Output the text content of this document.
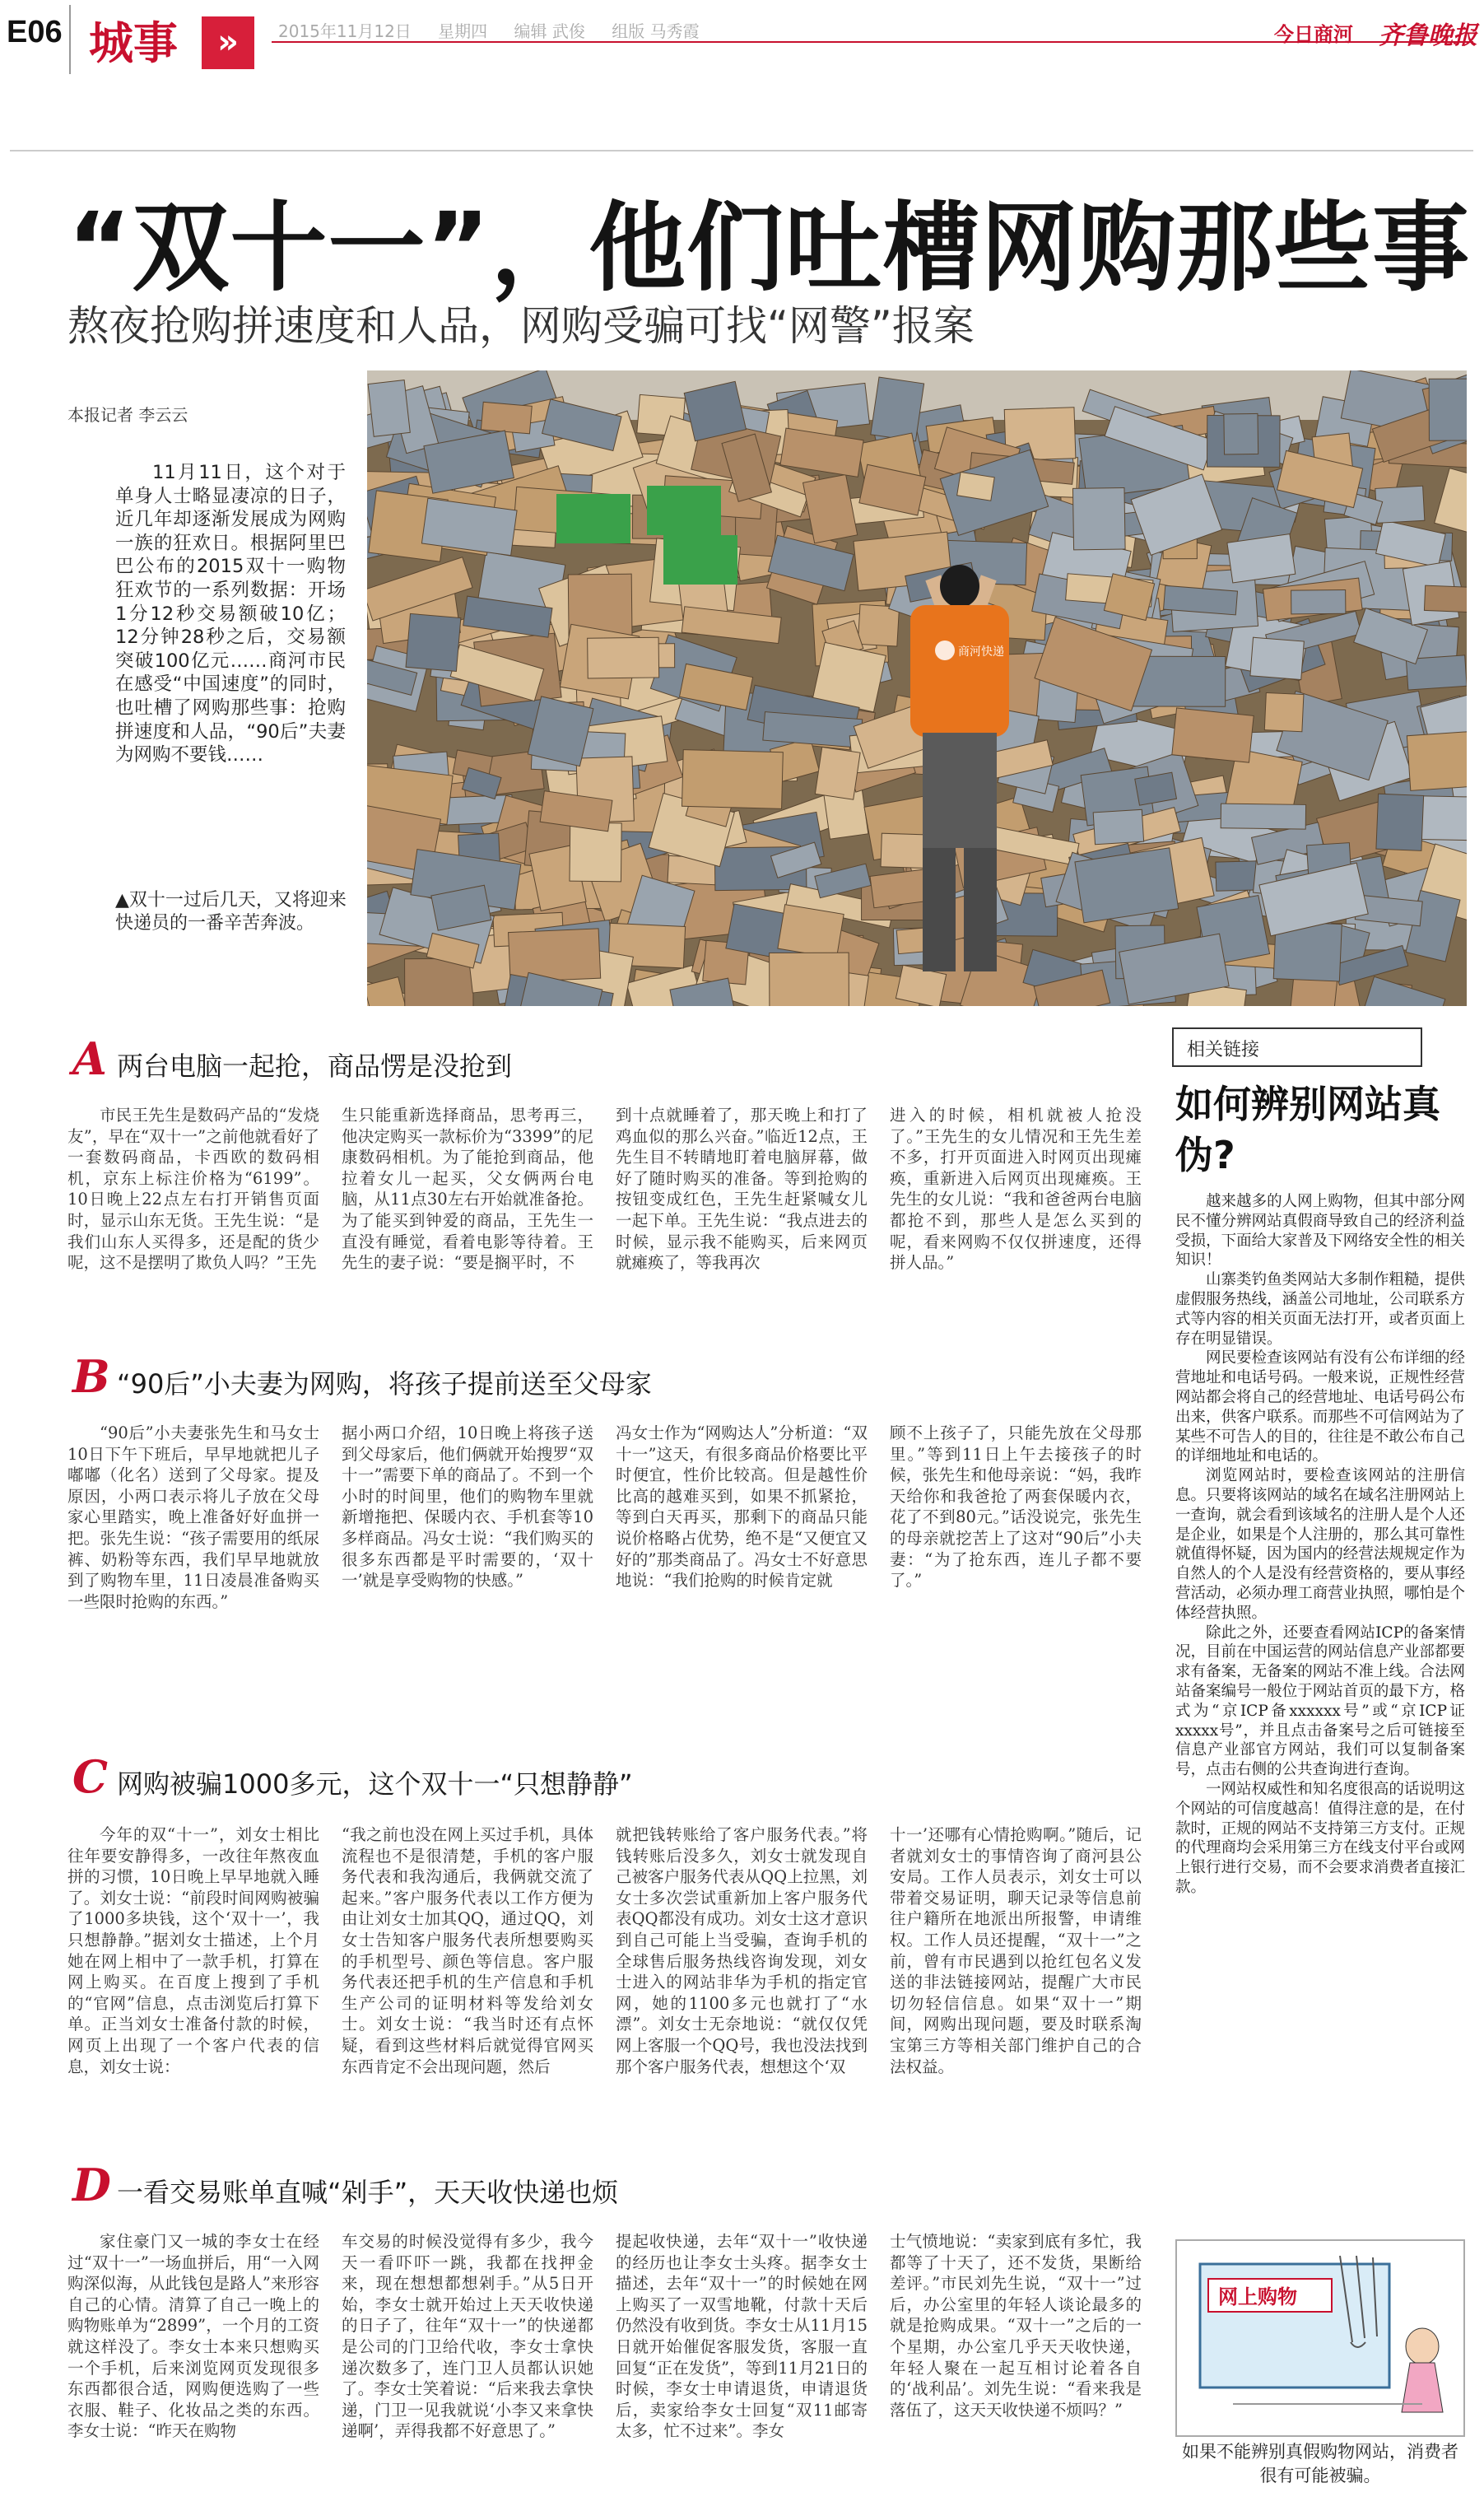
E06 城事	»	2015年11月12日 星期四 编辑 武俊 组版 马秀霞	今日商河 齐鲁晚报
“双十一”，他们吐槽网购那些事
熬夜抢购拼速度和人品，网购受骗可找“网警”报案
本报记者 李云云

11月11日，这个对于单身人士略显凄凉的日子，近几年却逐渐发展成为网购一族的狂欢日。根据阿里巴巴公布的2015双十一购物狂欢节的一系列数据：开场1分12秒交易额破10亿；12分钟28秒之后，交易额突破100亿元……商河市民在感受“中国速度”的同时，也吐槽了网购那些事：抢购拼速度和人品，“90后”夫妻为网购不要钱……

▲双十一过后几天，又将迎来快递员的一番辛苦奔波。
商河快递
A 两台电脑一起抢，商品愣是没抢到

市民王先生是数码产品的“发烧友”，早在“双十一”之前他就看好了一套数码商品，卡西欧的数码相机，京东上标注价格为“6199”。10日晚上22点左右打开销售页面时，显示山东无货。王先生说：“是我们山东人买得多，还是配的货少呢，这不是摆明了欺负人吗？”王先

生只能重新选择商品，思考再三，他决定购买一款标价为“3399”的尼康数码相机。为了能抢到商品，他拉着女儿一起买，父女俩两台电脑，从11点30左右开始就准备抢。为了能买到钟爱的商品，王先生一直没有睡觉，看着电影等待着。王先生的妻子说：“要是搁平时，不

到十点就睡着了，那天晚上和打了鸡血似的那么兴奋。”临近12点，王先生目不转睛地盯着电脑屏幕，做好了随时购买的准备。等到抢购的按钮变成红色，王先生赶紧喊女儿一起下单。王先生说：“我点进去的时候，显示我不能购买，后来网页就瘫痪了，等我再次

进入的时候，相机就被人抢没了。”王先生的女儿情况和王先生差不多，打开页面进入时网页出现瘫痪，重新进入后网页出现瘫痪。王先生的女儿说：“我和爸爸两台电脑都抢不到，那些人是怎么买到的呢，看来网购不仅仅拼速度，还得拼人品。”

B “90后”小夫妻为网购，将孩子提前送至父母家

“90后”小夫妻张先生和马女士10日下午下班后，早早地就把儿子嘟嘟（化名）送到了父母家。提及原因，小两口表示将儿子放在父母家心里踏实，晚上准备好好血拼一把。张先生说：“孩子需要用的纸尿裤、奶粉等东西，我们早早地就放到了购物车里，11日凌晨准备购买一些限时抢购的东西。”

据小两口介绍，10日晚上将孩子送到父母家后，他们俩就开始搜罗“双十一”需要下单的商品了。不到一个小时的时间里，他们的购物车里就新增拖把、保暖内衣、手机套等10多样商品。冯女士说：“我们购买的很多东西都是平时需要的，‘双十一’就是享受购物的快感。”

冯女士作为“网购达人”分析道：“双十一”这天，有很多商品价格要比平时便宜，性价比较高。但是越性价比高的越难买到，如果不抓紧抢，等到白天再买，那剩下的商品只能说价格略占优势，绝不是“又便宜又好的”那类商品了。冯女士不好意思地说：“我们抢购的时候肯定就

顾不上孩子了，只能先放在父母那里。”等到11日上午去接孩子的时候，张先生和他母亲说：“妈，我昨天给你和我爸抢了两套保暖内衣，花了不到80元。”话没说完，张先生的母亲就挖苦上了这对“90后”小夫妻：“为了抢东西，连儿子都不要了。”

C 网购被骗1000多元，这个双十一“只想静静”

今年的双“十一”，刘女士相比往年要安静得多，一改往年熬夜血拼的习惯，10日晚上早早地就入睡了。刘女士说：“前段时间网购被骗了1000多块钱，这个‘双十一’，我只想静静。”据刘女士描述，上个月她在网上相中了一款手机，打算在网上购买。在百度上搜到了手机的“官网”信息，点击浏览后打算下单。正当刘女士准备付款的时候，网页上出现了一个客户代表的信息，刘女士说：

“我之前也没在网上买过手机，具体流程也不是很清楚，手机的客户服务代表和我沟通后，我俩就交流了起来。”客户服务代表以工作方便为由让刘女士加其QQ，通过QQ，刘女士告知客户服务代表所想要购买的手机型号、颜色等信息。客户服务代表还把手机的生产信息和手机生产公司的证明材料等发给刘女士。刘女士说：“我当时还有点怀疑，看到这些材料后就觉得官网买东西肯定不会出现问题，然后

就把钱转账给了客户服务代表。”将钱转账后没多久，刘女士就发现自己被客户服务代表从QQ上拉黑，刘女士多次尝试重新加上客户服务代表QQ都没有成功。刘女士这才意识到自己可能上当受骗，查询手机的全球售后服务热线咨询发现，刘女士进入的网站非华为手机的指定官网，她的1100多元也就打了“水漂”。刘女士无奈地说：“就仅仅凭网上客服一个QQ号，我也没法找到那个客户服务代表，想想这个‘双

十一’还哪有心情抢购啊。”随后，记者就刘女士的事情咨询了商河县公安局。工作人员表示，刘女士可以带着交易证明，聊天记录等信息前往户籍所在地派出所报警，申请维权。工作人员还提醒，“双十一”之前，曾有市民遇到以抢红包名义发送的非法链接网站，提醒广大市民切勿轻信信息。如果“双十一”期间，网购出现问题，要及时联系淘宝第三方等相关部门维护自己的合法权益。

D 一看交易账单直喊“剁手”，天天收快递也烦

家住豪门又一城的李女士在经过“双十一”一场血拼后，用“一入网购深似海，从此钱包是路人”来形容自己的心情。清算了自己一晚上的购物账单为“2899”，一个月的工资就这样没了。李女士本来只想购买一个手机，后来浏览网页发现很多东西都很合适，网购便选购了一些衣服、鞋子、化妆品之类的东西。李女士说：“昨天在购物

车交易的时候没觉得有多少，我今天一看吓吓一跳，我都在找押金来，现在想想都想剁手。”从5日开始，李女士就开始过上天天收快递的日子了，往年“双十一”的快递都是公司的门卫给代收，李女士拿快递次数多了，连门卫人员都认识她了。李女士笑着说：“后来我去拿快递，门卫一见我就说‘小李又来拿快递啊’，弄得我都不好意思了。”

提起收快递，去年“双十一”收快递的经历也让李女士头疼。据李女士描述，去年“双十一”的时候她在网上购买了一双雪地靴，付款十天后仍然没有收到货。李女士从11月15日就开始催促客服发货，客服一直回复“正在发货”，等到11月21日的时候，李女士申请退货，申请退货后，卖家给李女士回复“双11邮寄太多，忙不过来”。李女

士气愤地说：“卖家到底有多忙，我都等了十天了，还不发货，果断给差评。”市民刘先生说，“双十一”过后，办公室里的年轻人谈论最多的就是抢购成果。“双十一”之后的一个星期，办公室几乎天天收快递，年轻人聚在一起互相讨论着各自的‘战利品’。刘先生说：“看来我是落伍了，这天天收快递不烦吗？”

相关链接
如何辨别网站真伪?

越来越多的人网上购物，但其中部分网民不懂分辨网站真假商导致自己的经济利益受损，下面给大家普及下网络安全性的相关知识！

山寨类钓鱼类网站大多制作粗糙，提供虚假服务热线，涵盖公司地址，公司联系方式等内容的相关页面无法打开，或者页面上存在明显错误。

网民要检查该网站有没有公布详细的经营地址和电话号码。一般来说，正规性经营网站都会将自己的经营地址、电话号码公布出来，供客户联系。而那些不可信网站为了某些不可告人的目的，往往是不敢公布自己的详细地址和电话的。

浏览网站时，要检查该网站的注册信息。只要将该网站的域名在域名注册网站上一查询，就会看到该域名的注册人是个人还是企业，如果是个人注册的，那么其可靠性就值得怀疑，因为国内的经营法规规定作为自然人的个人是没有经营资格的，要从事经营活动，必须办理工商营业执照，哪怕是个体经营执照。

除此之外，还要查看网站ICP的备案情况，目前在中国运营的网站信息产业部都要求有备案，无备案的网站不准上线。合法网站备案编号一般位于网站首页的最下方，格式为“京ICP备xxxxxx号”或“京ICP证xxxxx号”，并且点击备案号之后可链接至信息产业部官方网站，我们可以复制备案号，点击右侧的公共查询进行查询。

一网站权威性和知名度很高的话说明这个网站的可信度越高！值得注意的是，在付款时，正规的网站不支持第三方支付。正规的代理商均会采用第三方在线支付平台或网上银行进行交易，而不会要求消费者直接汇款。

网上购物
如果不能辨别真假购物网站，消费者很有可能被骗。
